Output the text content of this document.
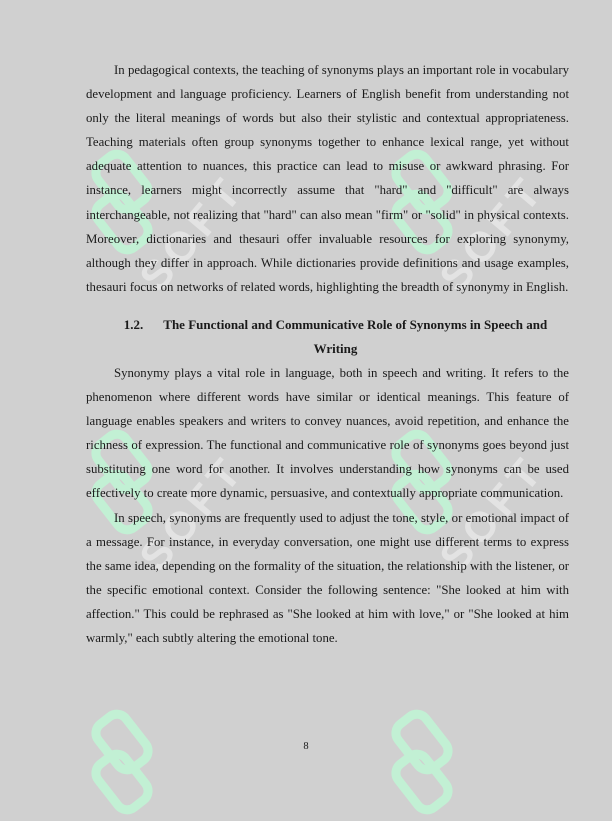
SOFT	SOFT
SOFT	SOFT

In pedagogical contexts, the teaching of synonyms plays an important role in vocabulary development and language proficiency. Learners of English benefit from understanding not only the literal meanings of words but also their stylistic and contextual appropriateness. Teaching materials often group synonyms together to enhance lexical range, yet without adequate attention to nuances, this practice can lead to misuse or awkward phrasing. For instance, learners might incorrectly assume that "hard" and "difficult" are always interchangeable, not realizing that "hard" can also mean "firm" or "solid" in physical contexts. Moreover, dictionaries and thesauri offer invaluable resources for exploring synonymy, although they differ in approach. While dictionaries provide definitions and usage examples, thesauri focus on networks of related words, highlighting the breadth of synonymy in English.

1.2. The Functional and Communicative Role of Synonyms in Speech and Writing

Synonymy plays a vital role in language, both in speech and writing. It refers to the phenomenon where different words have similar or identical meanings. This feature of language enables speakers and writers to convey nuances, avoid repetition, and enhance the richness of expression. The functional and communicative role of synonyms goes beyond just substituting one word for another. It involves understanding how synonyms can be used effectively to create more dynamic, persuasive, and contextually appropriate communication.

In speech, synonyms are frequently used to adjust the tone, style, or emotional impact of a message. For instance, in everyday conversation, one might use different terms to express the same idea, depending on the formality of the situation, the relationship with the listener, or the specific emotional context. Consider the following sentence: "She looked at him with affection." This could be rephrased as "She looked at him with love," or "She looked at him warmly," each subtly altering the emotional tone.

8
